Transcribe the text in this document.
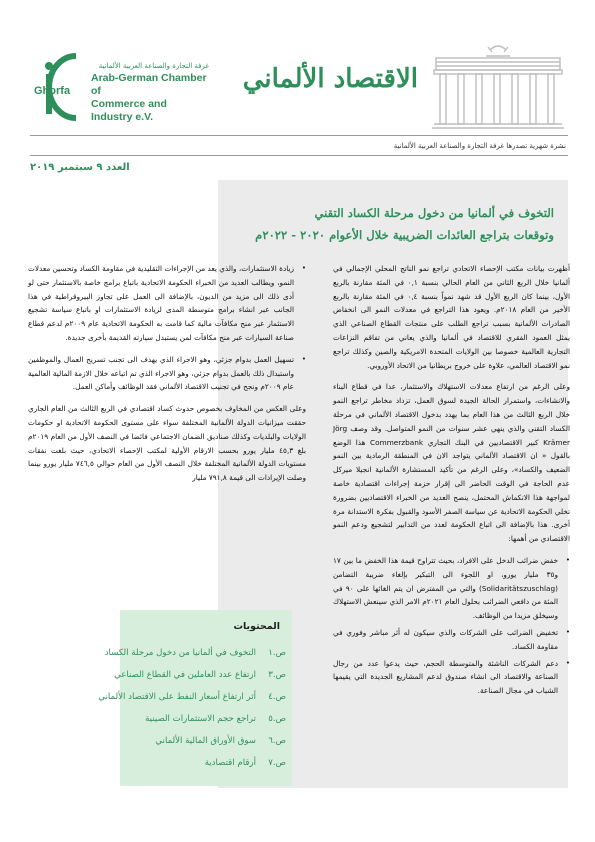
Ghorfa
غرفة التجارة والصناعة العربية الألمانية
Arab-German Chamber of
Commerce and Industry e.V.
الاقتصاد الألماني
نشرة شهرية تصدرها غرفة التجارة والصناعة العربية الألمانية
العدد ٩ سبتمبر ٢٠١٩
التخوف في ألمانيا من دخول مرحلة الكساد التقني
وتوقعات بتراجع العائدات الضريبية خلال الأعوام ٢٠٢٠ - ٢٠٢٢م

أظهرت بيانات مكتب الإحصاء الاتحادي تراجع نمو الناتج المحلي الإجمالي في ألمانيا خلال الربع الثاني من العام الحالي بنسبة ٠,١ في المئة مقارنة بالربع الأول، بينما كان الربع الأول قد شهد نمواً بنسبة ٠,٤ في المئة مقارنة بالربع الأخير من العام ٢٠١٨م. ويعود هذا التراجع في معدلات النمو الى انخفاض الصادرات الألمانية بسبب تراجع الطلب على منتجات القطاع الصناعي الذي يمثل العمود الفقري للاقتصاد في ألمانيا والذي يعاني من تفاقم النزاعات التجارية العالمية خصوصا بين الولايات المتحدة الامريكية والصين وكذلك تراجع نمو الاقتصاد العالمي، علاوة على خروج بريطانيا من الاتحاد الأوروبي.

وعلى الرغم من ارتفاع معدلات الاستهلاك والاستثمار، عدا في قطاع البناء والانشاءات، واستمرار الحالة الجيدة لسوق العمل، تزداد مخاطر تراجع النمو خلال الربع الثالث من هذا العام بما يهدد بدخول الاقتصاد الألماني في مرحلة الكساد التقني والذي ينهي عشر سنوات من النمو المتواصل. وقد وصف Jörg Krämer كبير الاقتصاديين في البنك التجاري Commerzbank هذا الوضع بالقول « ان الاقتصاد الألماني يتواجد الان في المنطقة الرمادية بين النمو الضعيف والكساد»، وعلى الرغم من تأكيد المستشارة الألمانية انجيلا ميركل عدم الحاجة في الوقت الحاضر الى إقرار حزمة إجراءات اقتصادية خاصة لمواجهة هذا الانكماش المحتمل، ينصح العديد من الخبراء الاقتصاديين بضرورة تخلي الحكومة الاتحادية عن سياسة الصفر الأسود والقبول بفكرة الاستدانة مرة أخرى. هذا بالإضافة الى اتباع الحكومة لعدد من التدابير لتشجيع ودعم النمو الاقتصادي من أهمها:

•
خفض ضرائب الدخل على الافراد، بحيث تتراوح قيمة هذا الخفض ما بين ١٧ و٣٥ مليار يورو، او اللجوء الى التبكير بإلغاء ضريبة التضامن (Solidaritätszuschlag) والتي من المفترض ان يتم الغائها على ٩٠ في المئة من دافعي الضرائب بحلول العام ٢٠٢١م الامر الذي سينعش الاستهلاك وسيخلق مزيدا من الوظائف.

•
تخفيض الضرائب على الشركات والذي سيكون له أثر مباشر وفوري في مقاومة الكساد.

•
دعم الشركات الناشئة والمتوسطة الحجم، حيث يدعوا عدد من رجال الصناعة والاقتصاد الى انشاء صندوق لدعم المشاريع الجديدة التي يقيمها الشباب في مجال الصناعة.

•
زيادة الاستثمارات، والذي يعد من الإجراءات التقليدية في مقاومة الكساد وتحسين معدلات النمو، ويطالب العديد من الخبراء الحكومة الاتحادية باتباع برامج خاصة بالاستثمار حتى لو أدى ذلك الى مزيد من الديون، بالإضافة الى العمل على تجاوز البيروقراطية في هذا الجانب عبر انشاء برامج متوسطة المدى لزيادة الاستثمارات او باتباع سياسة تشجيع الاستثمار عبر منح مكافآت مالية كما قامت به الحكومة الاتحادية عام ٢٠٠٩م لدعم قطاع صناعة السيارات عبر منح مكافآت لمن يستبدل سيارته القديمة بأخرى جديدة.

•
تسهيل العمل بدوام جزئي، وهو الاجراء الذي يهدف الى تجنب تسريح العمال والموظفين واستبدال ذلك بالعمل بدوام جزئي، وهو الاجراء الذي تم اتباعه خلال الازمة المالية العالمية عام ٢٠٠٩م ونجح في تجنيب الاقتصاد الألماني فقد الوظائف وأماكن العمل.

وعلى العكس من المخاوف بخصوص حدوث كساد اقتصادي في الربع الثالث من العام الجاري حققت ميزانيات الدولة الألمانية المختلفة سواء على مستوى الحكومة الاتحادية او حكومات الولايات والبلديات وكذلك صناديق الضمان الاجتماعي فائضا في النصف الأول من العام ٢٠١٩م بلغ ٤٥,٣ مليار يورو بحسب الارقام الأولية لمكتب الإحصاء الاتحادي، حيث بلغت نفقات مستويات الدولة الألمانية المختلفة خلال النصف الأول من العام حوالي ٧٤٦,٥ مليار يورو بينما وصلت الإيرادات الى قيمة ٧٩١,٨ مليار

المحتويات
ص.١
التخوف في ألمانيا من دخول مرحلة الكساد
ص.٣
ارتفاع عدد العاملين في القطاع الصناعي
ص.٤
أثر ارتفاع أسعار النفط على الاقتصاد الألماني
ص.٥
تراجع حجم الاستثمارات الصينية
ص.٦
سوق الأوراق المالية الألماني
ص.٧
أرقام اقتصادية
